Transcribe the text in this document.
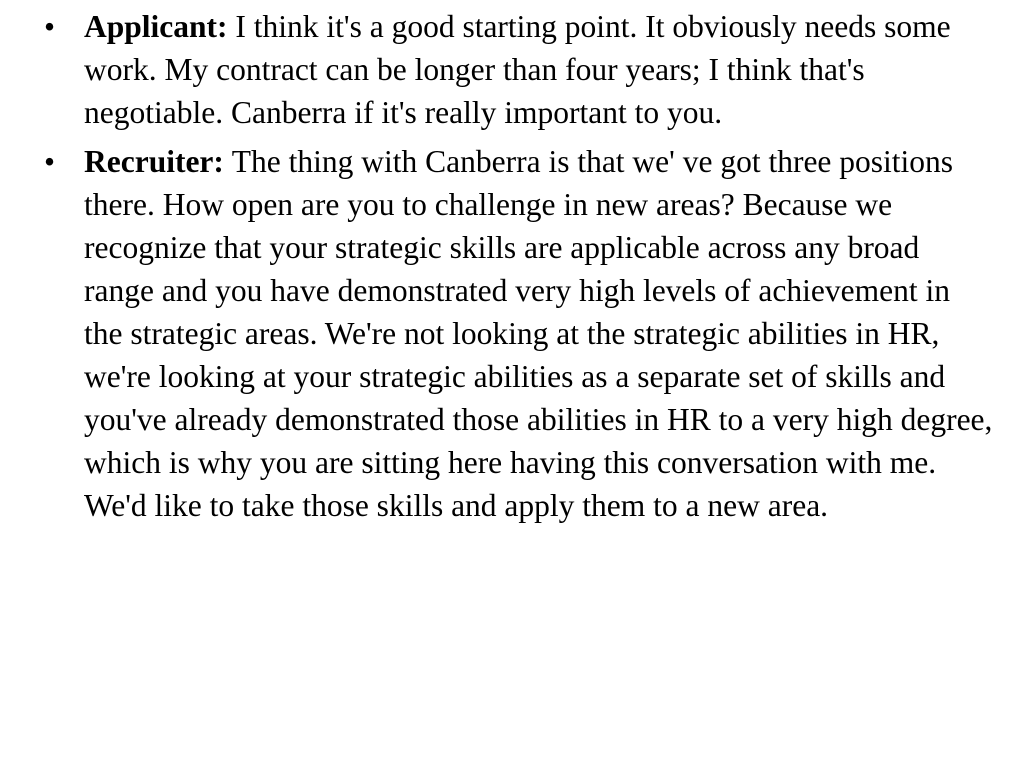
• Applicant: I think it's a good starting point. It obviously needs some work. My contract can be longer than four years; I think that's negotiable. Canberra if it's really important to you.
• Recruiter: The thing with Canberra is that we' ve got three positions there. How open are you to challenge in new areas? Because we recognize that your strategic skills are applicable across any broad range and you have demonstrated very high levels of achievement in the strategic areas. We're not looking at the strategic abilities in HR, we're looking at your strategic abilities as a separate set of skills and you've already demonstrated those abilities in HR to a very high degree, which is why you are sitting here having this conversation with me. We'd like to take those skills and apply them to a new area.
